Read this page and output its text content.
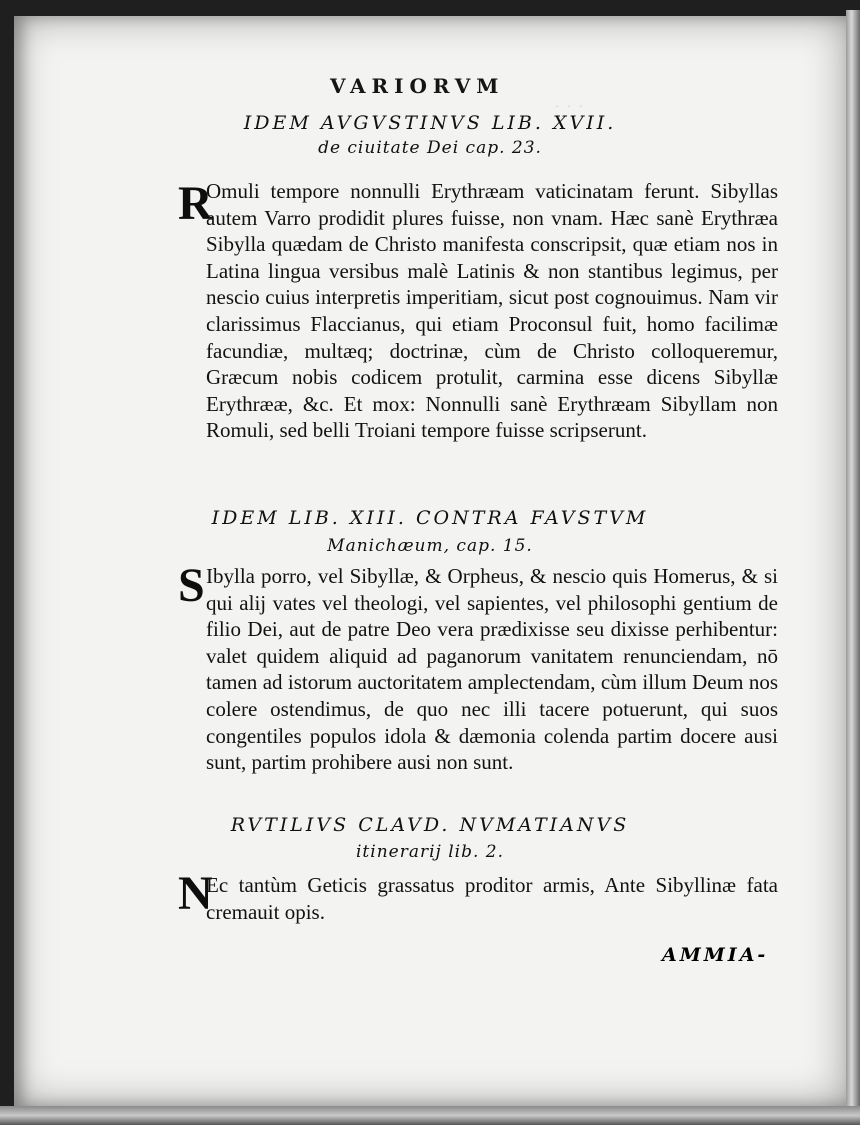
· · ·
VARIORVM
IDEM AVGVSTINVS LIB. XVII.
de ciuitate Dei cap. 23.
R

Omuli tempore nonnulli Erythræam vaticinatam ferunt. Sibyllas autem Varro prodidit plures fuisse, non vnam. Hæc sanè Erythræa Sibylla quædam de Christo manifesta conscripsit, quæ etiam nos in Latina lingua versibus malè Latinis & non stantibus legimus, per nescio cuius interpretis imperitiam, sicut post cognouimus. Nam vir clarissimus Flaccianus, qui etiam Proconsul fuit, homo facilimæ facundiæ, multæq; doctrinæ, cùm de Christo colloqueremur, Græcum nobis codicem protulit, carmina esse dicens Sibyllæ Erythrææ, &c. Et mox: Nonnulli sanè Erythræam Sibyllam non Romuli, sed belli Troiani tempore fuisse scripserunt.

IDEM LIB. XIII. CONTRA FAVSTVM
Manichæum, cap. 15.
S Ibylla porro, vel Sibyllæ, & Orpheus, & nescio quis Homerus, & si qui alij vates vel theologi, vel sapientes, vel philosophi gentium de filio Dei, aut de patre Deo vera prædixisse seu dixisse perhibentur: valet quidem aliquid ad paganorum vanitatem renunciendam, nō tamen ad istorum auctoritatem amplectendam, cùm illum Deum nos colere ostendimus, de quo nec illi tacere potuerunt, qui suos congentiles populos idola & dæmonia colenda partim docere ausi sunt, partim prohibere ausi non sunt.

RVTILIVS CLAVD. NVMATIANVS
itinerarij lib. 2.
N

Ec tantùm Geticis grassatus proditor armis, Ante Sibyllinæ fata cremauit opis.

AMMIA-
